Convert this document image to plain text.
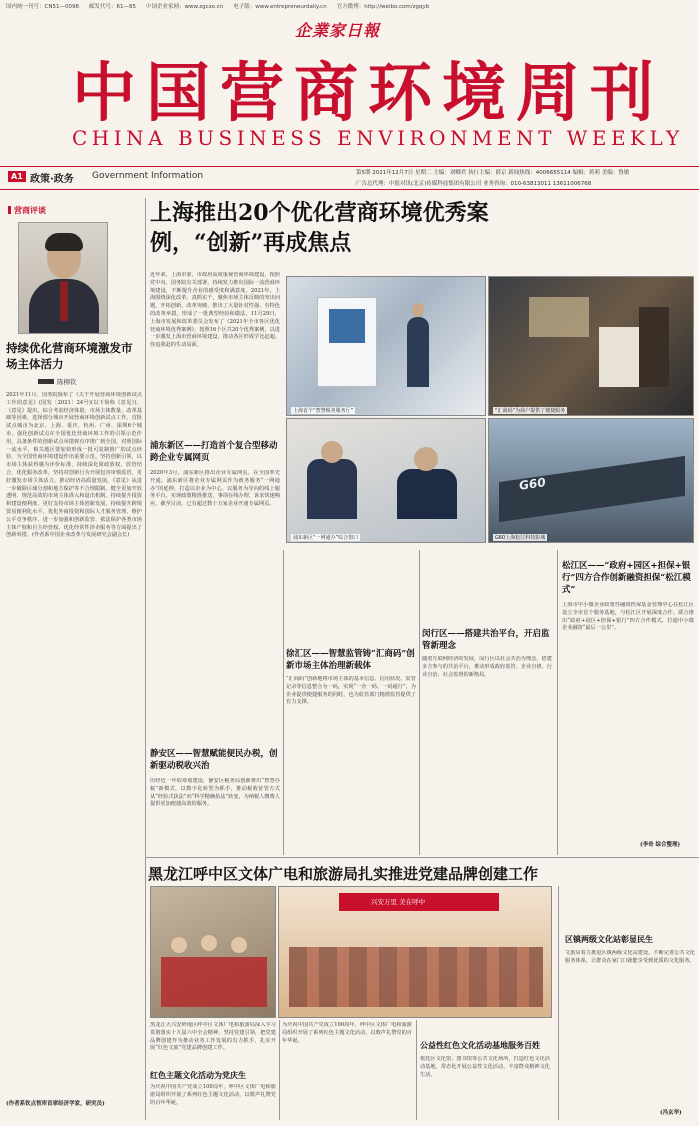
国内统一刊号：CN51—0098 邮发代号：61—85 中国企业家网：www.zgcxo.cn 电子版：www.entrepreneurdaily.cn 官方微博：http://weibo.com/zgqyb
企業家日報
中国营商环境周刊
CHINA BUSINESS ENVIRONMENT WEEKLY
A1 政策·政务 Government Information	第5期 2021年12月7日 星期二 主编：刘卿君 执行主编：薛京 新闻热线：4006655114 编辑：蒋莉 美编：鲁敏
广告总代理：中报对讯(北京)传媒科技集团有限公司 业务咨询：010-63813011 13611006768
营商评谈
持续优化营商环境激发市场主体活力
陈柳钦
2021年11月，国务院颁布了《关于开展营商环境创新试点工作的意见》(国发〔2021〕24号)(以下简称《意见》)。《意见》提出，综合考虑经济体量、市场主体数量、改革基础等因素，选择部分城市开展营商环境创新试点工作。首批试点城市为北京、上海、重庆、杭州、广州、深圳6个城市。强化创新试点在全国优化营商环境工作的引领示范作用，具备条件的创新试点举措将有序推广到全国。对照国际一流水平，相关地区要加快形成一批可复制推广的试点经验，为全国营商环境建设作出重要示范。坚持创新引领，以市场主体获得感为评价标准，持续深化简政放权、放管结合、优化服务改革，坚持对创新行为开展包容审慎监管，更好激发市场主体活力，推动经济高质量发展。《意见》从进一步破除区域分割和地方保护等不合理限制、健全更加开放透明、规范高效的市场主体准入和退出机制、持续提升投资和建设便利度、更好支持市场主体创新发展、持续提升跨境贸易便利化水平、优化外商投资和国际人才服务管理、维护公平竞争秩序、进一步加强和创新监管、依法保护各类市场主体产权和自主经营权、优化经常性涉企服务等方面提出了创新举措。(作者系中国企业改革与发展研究会副会长)
(作者系钦点智库首席经济学家，研究员)
上海推出20个优化营商环境优秀案例，“创新”再成焦点
近年来，上海市委、市政府高度重视营商环境建设，按照党中央、国务院有关部署，持续发力推出国际一流营商环境建设，不断提升企业的感受度和满意度。2021年，上海围绕深化改革、真抓实干，聚焦市场主体反映的突出问题，开拓创新、改革突破，推出了大量针对性强、有特色的改革举措，形成了一批典型经验和做法。11月29日，上海市发展和改革委员会发布了《2021年全市各区优化营商环境优秀案例》，按照16个区共20个优秀案例，以进一步激发上海市营商环境建设。推动各区形成学比赶超、你追我赶的生动局面。
上海首个“智慧税务服务厅”	“汇商码”为商户提供了便捷服务
浦东新区“一网通办”综合窗口
G60
G60上海松江科技影城
浦东新区——打造首个复合型移动跨企业专属网页
2020年3月，浦东新区推出企业专属网页，在全国率先开通。浦东新区将企业专属网页作为政务服务“一网通办”的延伸，打造以企业为中心、以服务为导向的线上服务平台，实现政策精准推送、事项在线办理、诉求快速响应。截至目前，已有超过数十万家企业开通专属网页。
静安区——智慧赋能便民办税，创新驱动税收兴治
历经近一年的筹划建设，静安区税务局创新推出“智慧办税”新模式，以数字化转型为抓手，推动税收征管方式从“经验式执法”向“科学精确执法”转变，为纳税人缴费人提供更加便捷高效的服务。
徐汇区——智慧监管铸“汇商码”创新市场主体治理新载体
“汇商码”创新地将市场主体的基本信息、信用状况、监管记录等信息整合为一码，实现“一企一码、一码通行”，为企业提供便捷服务的同时，也为监管部门精准监管提供了有力支撑。
闵行区——搭建共治平台，开启监管新理念
随着互联网经济的发展，闵行区以社会共治为理念，搭建多方参与的共治平台，推动形成政府监管、企业自律、行业自治、社会监督的新格局。
松江区——“政府+园区+担保+银行”四方合作创新融资担保“松江模式”
上海市中小微企业政策性融资担保基金管理中心在松江区设立全市首个服务基地，与松江区开展深度合作，联合推出“政府+园区+担保+银行”四方合作模式，打通中小微企业融资“最后一公里”。
(李奇 综合整理)
黑龙江呼中区文体广电和旅游局扎实推进党建品牌创建工作
兴安万里 美在呼中
黑龙江大兴安岭地区呼中区文体广电和旅游局深入学习贯彻落实十九届六中全会精神，坚持党建引领，把党建品牌创建作为推动业务工作发展的有力抓手，扎实开展“红色文旅”党建品牌创建工作。
红色主题文化活动为党庆生
为庆祝中国共产党成立100周年，呼中区文体广电和旅游局组织开展了系列红色主题文化活动，以歌声礼赞党的百年华诞。
为庆祝中国共产党成立100周年，呼中区文体广电和旅游局组织开展了系列红色主题文化活动，以歌声礼赞党的百年华诞。	公益性红色文化活动基地服务百姓
依托区文化馆、图书馆等公共文化场所，打造红色文化活动基地，常态化开展公益性文化活动，丰富群众精神文化生活。
区镇两级文化站彰显民生
文旅局着力推进区镇两级文化站建设，不断完善公共文化服务体系，让群众在家门口就能享受到优质的文化服务。
(冯玄华)
